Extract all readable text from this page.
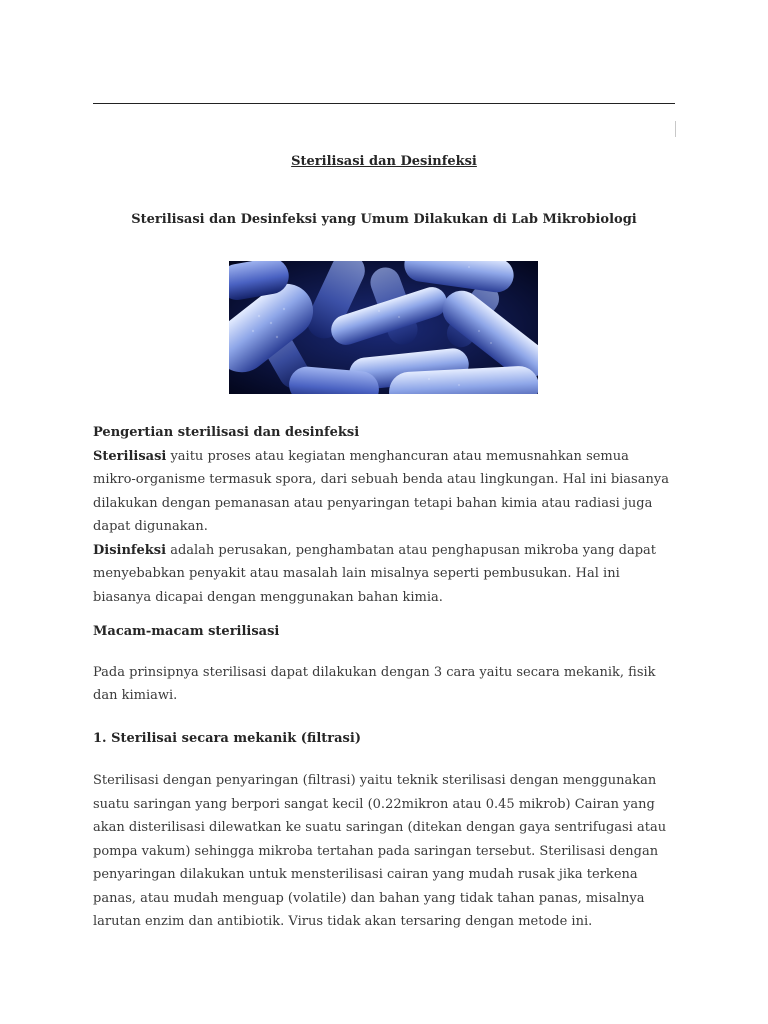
Sterilisasi dan Desinfeksi
Sterilisasi dan Desinfeksi yang Umum Dilakukan di Lab Mikrobiologi
Pengertian sterilisasi dan desinfeksi

Sterilisasi yaitu proses atau kegiatan menghancuran atau memusnahkan semua mikro-organisme termasuk spora, dari sebuah benda atau lingkungan. Hal ini biasanya dilakukan dengan pemanasan atau penyaringan tetapi bahan kimia atau radiasi juga dapat digunakan.

Disinfeksi adalah perusakan, penghambatan atau penghapusan mikroba yang dapat menyebabkan penyakit atau masalah lain misalnya seperti pembusukan. Hal ini biasanya dicapai dengan menggunakan bahan kimia.

Macam-macam sterilisasi

Pada prinsipnya sterilisasi dapat dilakukan dengan 3 cara yaitu secara mekanik, fisik dan kimiawi.

1. Sterilisai secara mekanik (filtrasi)

Sterilisasi dengan penyaringan (filtrasi) yaitu teknik sterilisasi dengan menggunakan suatu saringan yang berpori sangat kecil (0.22mikron atau 0.45 mikrob) Cairan yang akan disterilisasi dilewatkan ke suatu saringan (ditekan dengan gaya sentrifugasi atau pompa vakum) sehingga mikroba tertahan pada saringan tersebut. Sterilisasi dengan penyaringan dilakukan untuk mensterilisasi cairan yang mudah rusak jika terkena panas, atau mudah menguap (volatile) dan bahan yang tidak tahan panas, misalnya larutan enzim dan antibiotik. Virus tidak akan tersaring dengan metode ini.
